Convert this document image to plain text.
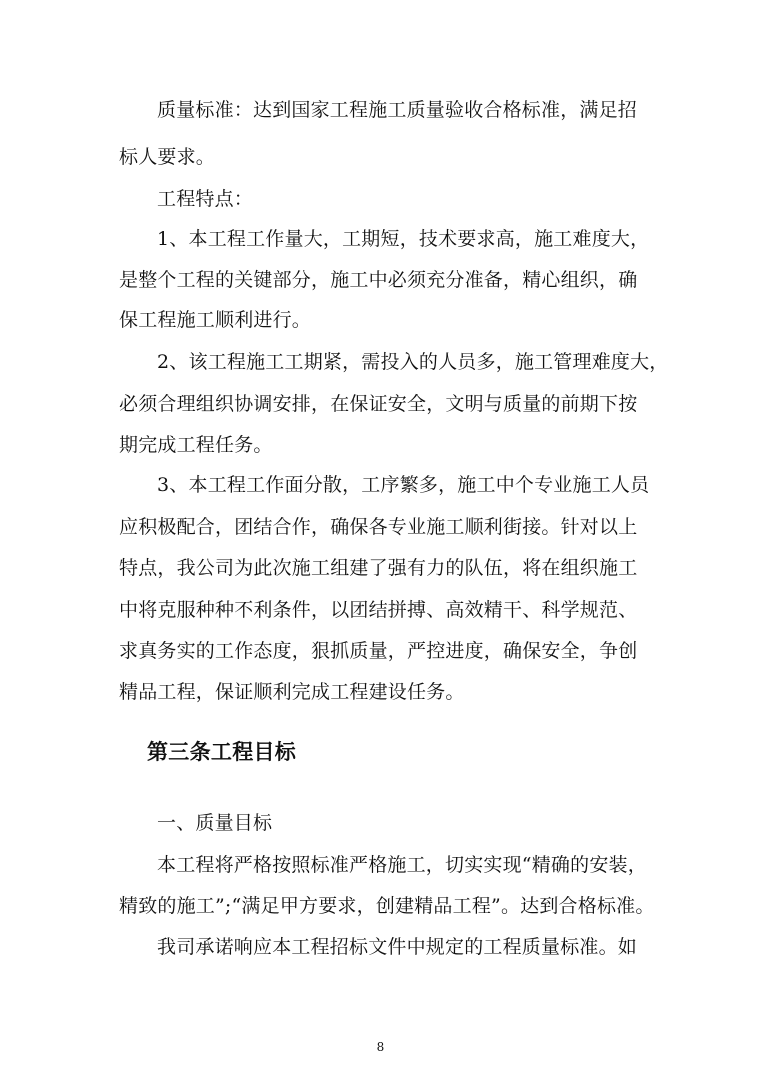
质量标准：达到国家工程施工质量验收合格标准，满足招
标人要求。
工程特点：
1、本工程工作量大，工期短，技术要求高，施工难度大，
是整个工程的关键部分，施工中必须充分准备，精心组织，确
保工程施工顺利进行。
2、该工程施工工期紧，需投入的人员多，施工管理难度大，
必须合理组织协调安排，在保证安全，文明与质量的前期下按
期完成工程任务。
3、本工程工作面分散，工序繁多，施工中个专业施工人员
应积极配合，团结合作，确保各专业施工顺利街接。针对以上
特点，我公司为此次施工组建了强有力的队伍，将在组织施工
中将克服种种不利条件，以团结拼搏、高效精干、科学规范、
求真务实的工作态度，狠抓质量，严控进度，确保安全，争创
精品工程，保证顺利完成工程建设任务。
第三条工程目标
一、质量目标
本工程将严格按照标准严格施工，切实实现“精确的安装，
精致的施工”;“满足甲方要求，创建精品工程”。达到合格标准。
我司承诺响应本工程招标文件中规定的工程质量标准。如
8
